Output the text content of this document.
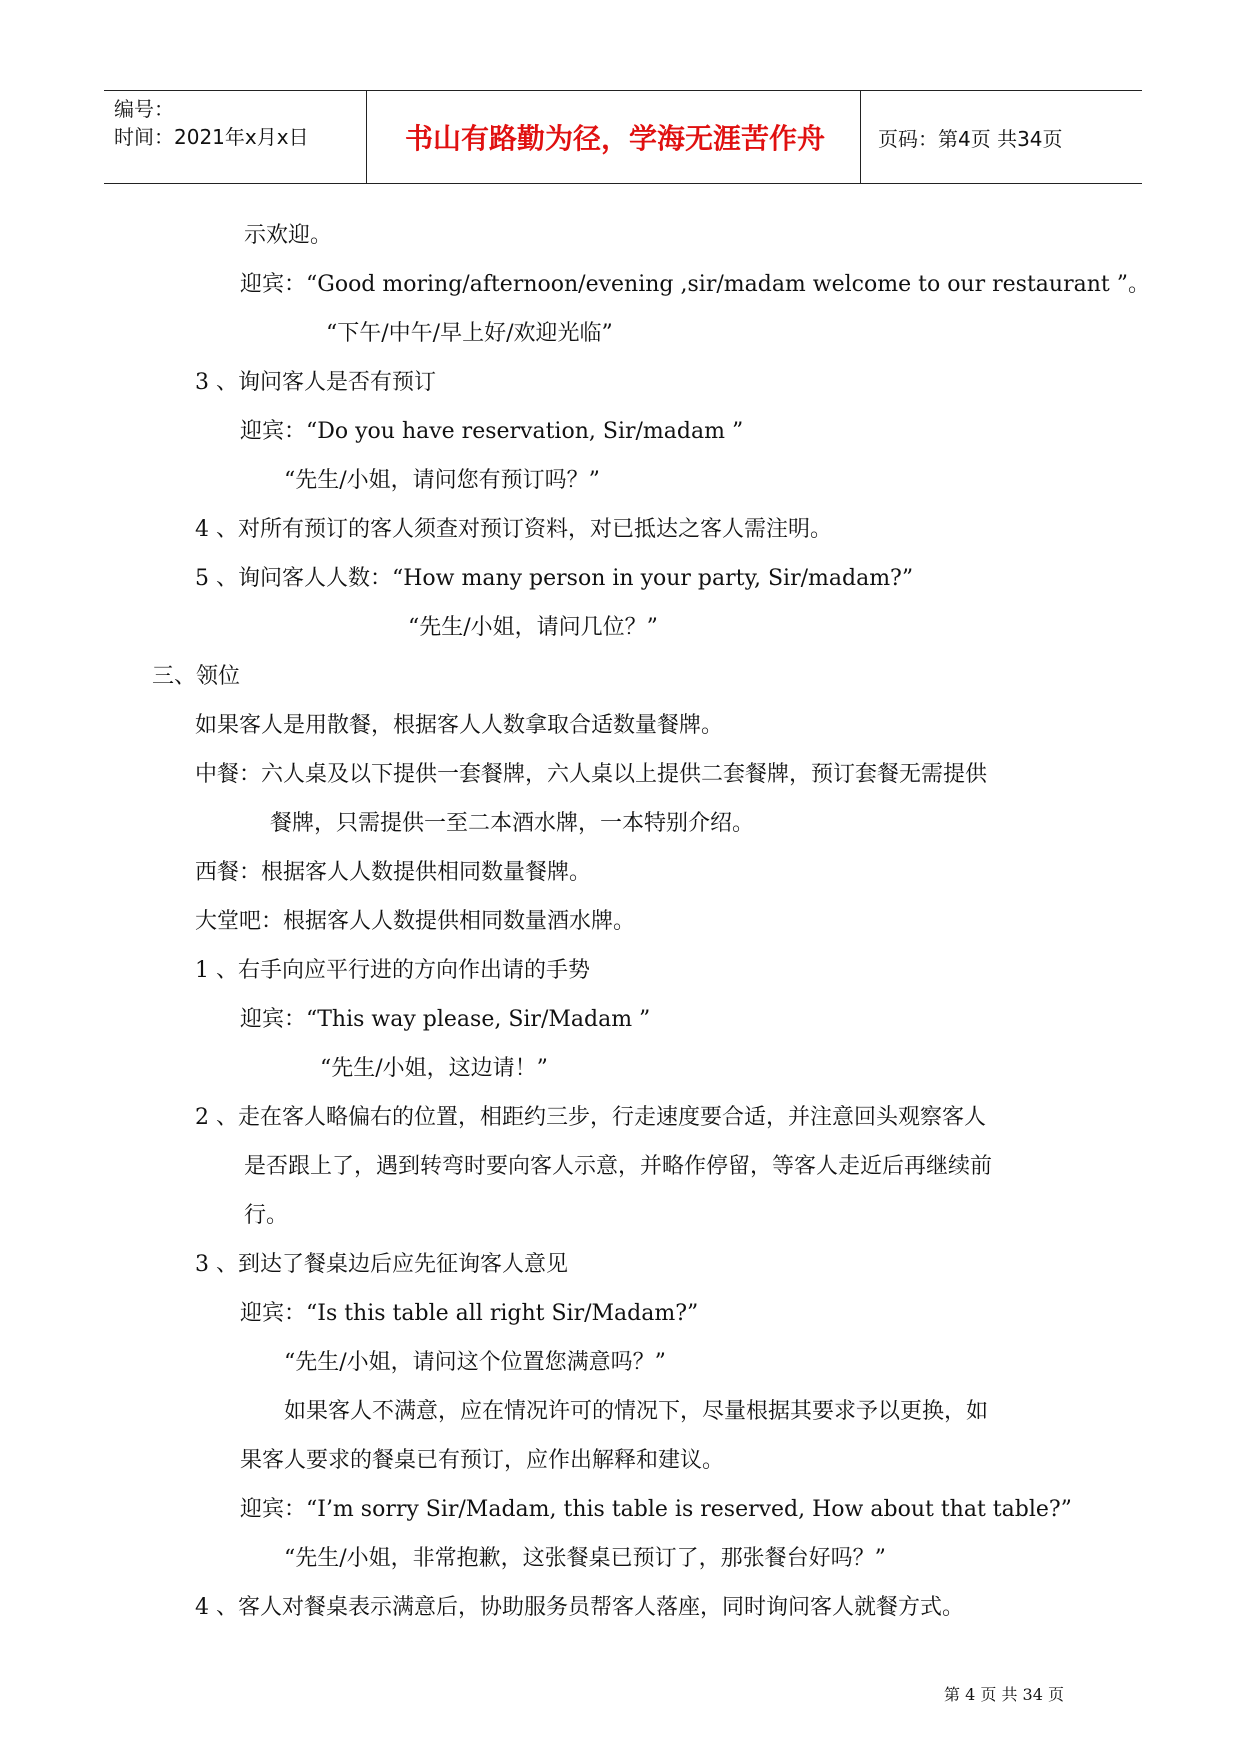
编号：
时间：2021年x月x日	书山有路勤为径，学海无涯苦作舟	页码：第4页 共34页
示欢迎。
迎宾：“Good moring/afternoon/evening ,sir/madam welcome to our restaurant ”。
“下午/中午/早上好/欢迎光临”
3 、询问客人是否有预订
迎宾：“Do you have reservation, Sir/madam ”
“先生/小姐，请问您有预订吗？”
4 、对所有预订的客人须查对预订资料，对已抵达之客人需注明。
5 、询问客人人数：“How many person in your party, Sir/madam?”
“先生/小姐，请问几位？”
三、领位
如果客人是用散餐，根据客人人数拿取合适数量餐牌。
中餐：六人桌及以下提供一套餐牌，六人桌以上提供二套餐牌，预订套餐无需提供
餐牌，只需提供一至二本酒水牌，一本特别介绍。
西餐：根据客人人数提供相同数量餐牌。
大堂吧：根据客人人数提供相同数量酒水牌。
1 、右手向应平行进的方向作出请的手势
迎宾：“This way please, Sir/Madam ”
“先生/小姐，这边请！”
2 、走在客人略偏右的位置，相距约三步，行走速度要合适，并注意回头观察客人
是否跟上了，遇到转弯时要向客人示意，并略作停留，等客人走近后再继续前
行。
3 、到达了餐桌边后应先征询客人意见
迎宾：“Is this table all right Sir/Madam?”
“先生/小姐，请问这个位置您满意吗？”
如果客人不满意，应在情况许可的情况下，尽量根据其要求予以更换，如
果客人要求的餐桌已有预订，应作出解释和建议。
迎宾：“I’m sorry Sir/Madam, this table is reserved, How about that table?”
“先生/小姐，非常抱歉，这张餐桌已预订了，那张餐台好吗？”
4 、客人对餐桌表示满意后，协助服务员帮客人落座，同时询问客人就餐方式。
第 4 页 共 34 页
